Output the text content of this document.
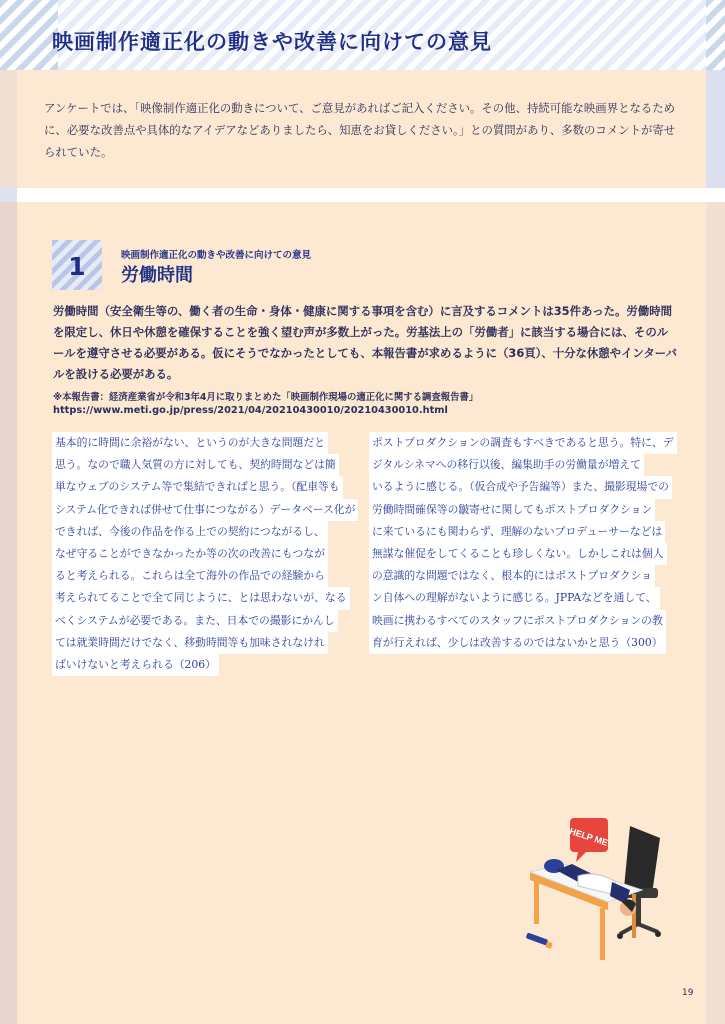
映画制作適正化の動きや改善に向けての意見

アンケートでは、「映像制作適正化の動きについて、ご意見があればご記入ください。その他、持続可能な映画界となるために、必要な改善点や具体的なアイデアなどありましたら、知恵をお貸しください。」との質問があり、多数のコメントが寄せられていた。

1	映画制作適正化の動きや改善に向けての意見
労働時間

労働時間（安全衛生等の、働く者の生命・身体・健康に関する事項を含む）に言及するコメントは35件あった。労働時間を限定し、休日や休憩を確保することを強く望む声が多数上がった。労基法上の「労働者」に該当する場合には、そのルールを遵守させる必要がある。仮にそうでなかったとしても、本報告書が求めるように（36頁）、十分な休憩やインターバルを設ける必要がある。

※本報告書：経済産業省が令和3年4月に取りまとめた「映画制作現場の適正化に関する調査報告書」
https://www.meti.go.jp/press/2021/04/20210430010/20210430010.html
基本的に時間に余裕がない、というのが大きな問題だと
思う。なので職人気質の方に対しても、契約時間などは簡
単なウェブのシステム等で集結できればと思う。（配車等も
システム化できれば併せて仕事につながる）データベース化が
できれば、今後の作品を作る上での契約につながるし、
なぜ守ることができなかったか等の次の改善にもつなが
ると考えられる。これらは全て海外の作品での経験から
考えられてることで全て同じように、とは思わないが、なる
べくシステムが必要である。また、日本での撮影にかんし
ては就業時間だけでなく、移動時間等も加味されなけれ
ばいけないと考えられる（206）
ポストプロダクションの調査もすべきであると思う。特に、デ
ジタルシネマへの移行以後、編集助手の労働量が増えて
いるように感じる。（仮合成や予告編等）また、撮影現場での
労働時間確保等の皺寄せに関してもポストプロダクション
に来ているにも関わらず、理解のないプロデューサーなどは
無謀な催促をしてくることも珍しくない。しかしこれは個人
の意識的な問題ではなく、根本的にはポストプロダクショ
ン自体への理解がないように感じる。JPPAなどを通して、
映画に携わるすべてのスタッフにポストプロダクションの教
育が行えれば、少しは改善するのではないかと思う（300）
HELP ME
19
